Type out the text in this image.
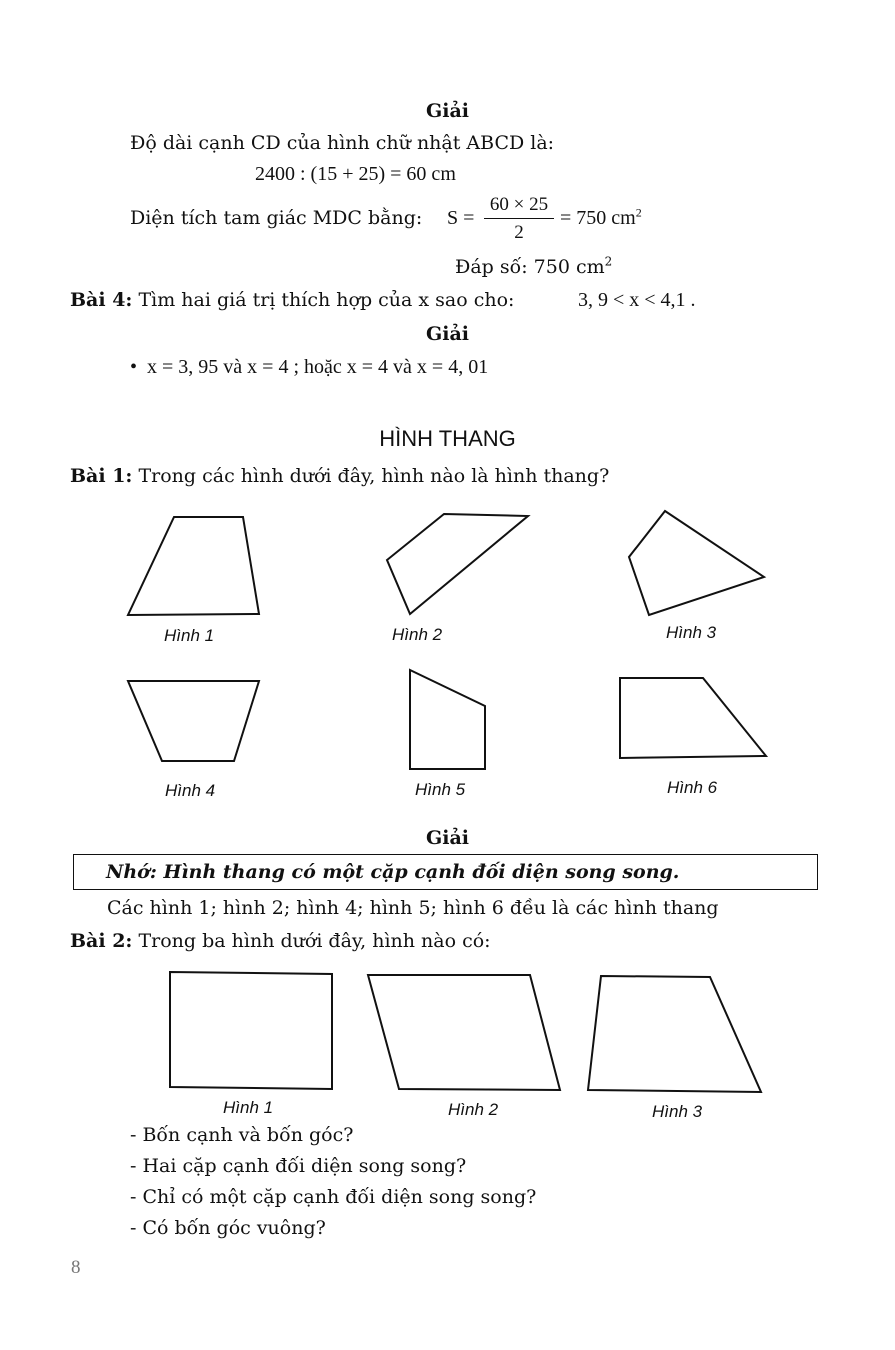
Giải
Độ dài cạnh CD của hình chữ nhật ABCD là:
2400 : (15 + 25) = 60 cm
Diện tích tam giác MDC bằng: S =
60 × 25
2
= 750 $cm^2$
Đáp số: 750 $cm^2$
Bài 4: Tìm hai giá trị thích hợp của x sao cho:	3, 9 < x < 4,1 .
Giải
• x = 3, 95 và x = 4 ; hoặc x = 4 và x = 4, 01
HÌNH THANG
Bài 1: Trong các hình dưới đây, hình nào là hình thang?
Hình 1	Hình 2	Hình 3
Hình 4	Hình 5	Hình 6
Giải
Nhớ: Hình thang có một cặp cạnh đối diện song song.
Các hình 1; hình 2; hình 4; hình 5; hình 6 đều là các hình thang
Bài 2: Trong ba hình dưới đây, hình nào có:
Hình 1	Hình 2	Hình 3
- Bốn cạnh và bốn góc?
- Hai cặp cạnh đối diện song song?
- Chỉ có một cặp cạnh đối diện song song?
- Có bốn góc vuông?
8
